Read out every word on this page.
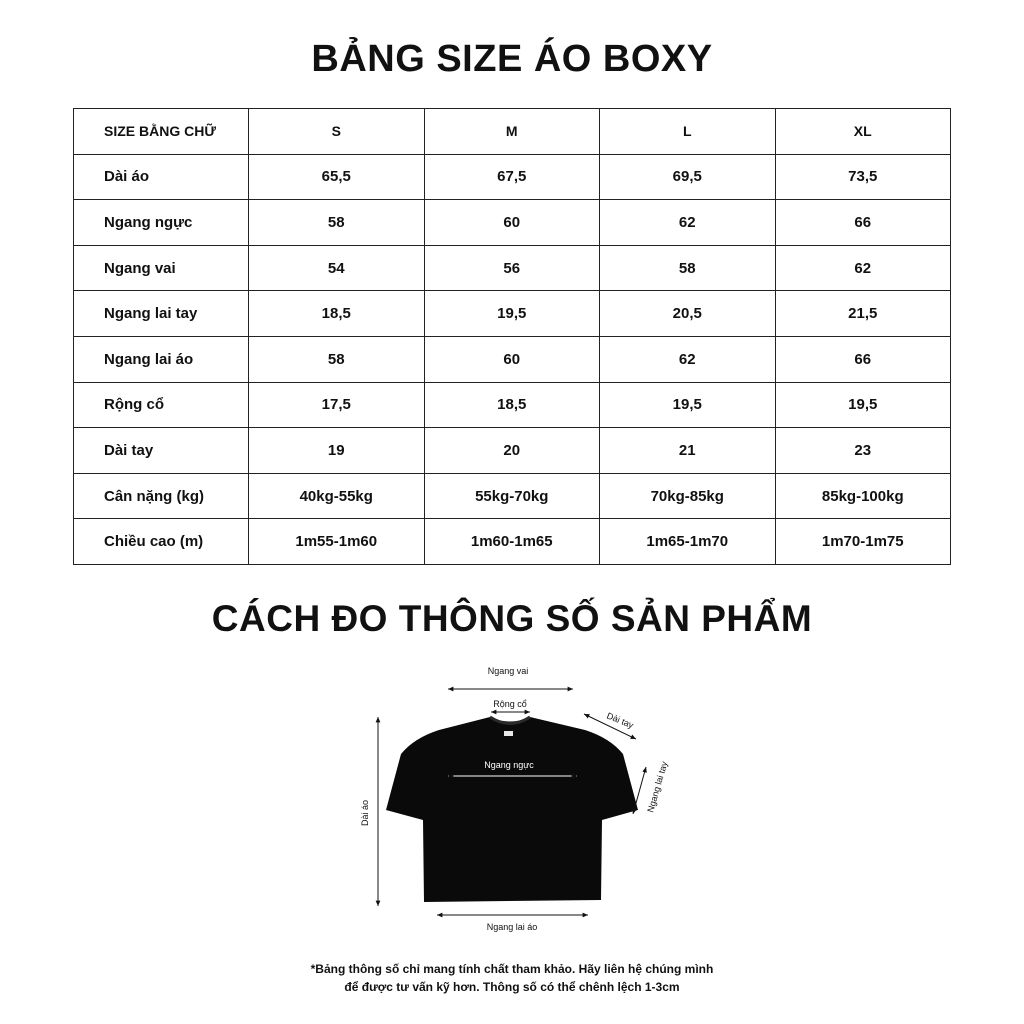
BẢNG SIZE ÁO BOXY
SIZE BẰNG CHỮ	S	M	L	XL
Dài áo	65,5	67,5	69,5	73,5
Ngang ngực	58	60	62	66
Ngang vai	54	56	58	62
Ngang lai tay	18,5	19,5	20,5	21,5
Ngang lai áo	58	60	62	66
Rộng cổ	17,5	18,5	19,5	19,5
Dài tay	19	20	21	23
Cân nặng (kg)	40kg-55kg	55kg-70kg	70kg-85kg	85kg-100kg
Chiều cao (m)	1m55-1m60	1m60-1m65	1m65-1m70	1m70-1m75
CÁCH ĐO THÔNG SỐ SẢN PHẨM
Ngang vai
Rộng cổ
Dài tay
Ngang ngực	Ngang lai tay
Dài áo
Ngang lai áo
*Bảng thông số chỉ mang tính chất tham khảo. Hãy liên hệ chúng mình
để được tư vấn kỹ hơn. Thông số có thể chênh lệch 1-3cm
